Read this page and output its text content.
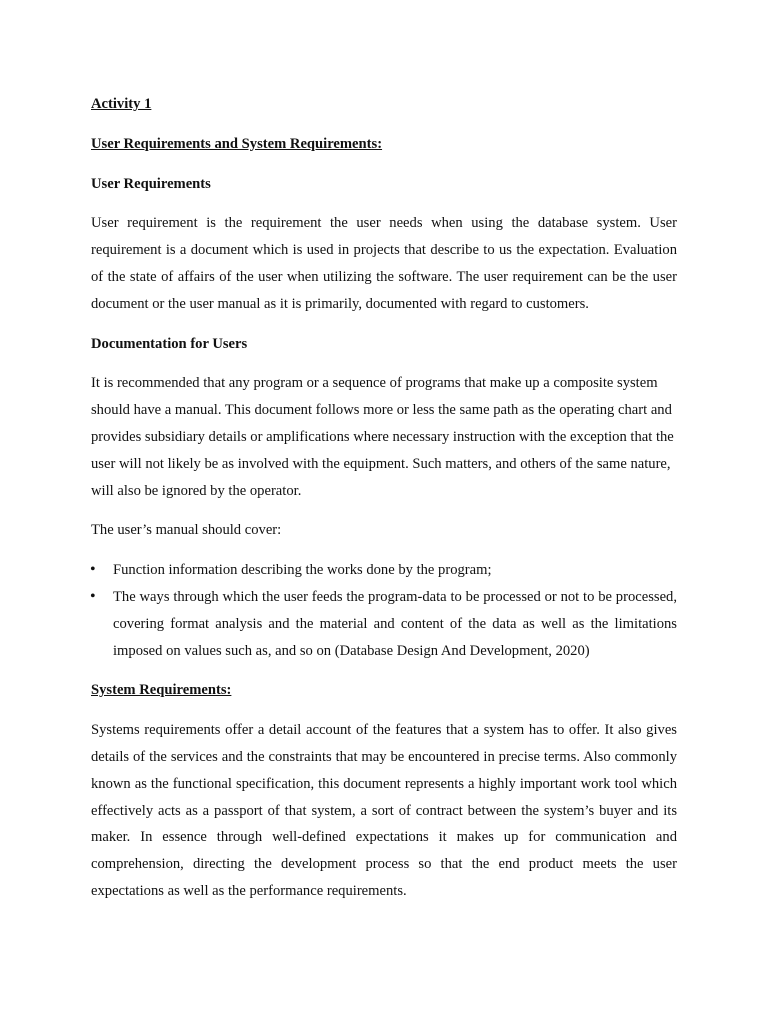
Activity 1
User Requirements and System Requirements:
User Requirements

User requirement is the requirement the user needs when using the database system. User requirement is a document which is used in projects that describe to us the expectation. Evaluation of the state of affairs of the user when utilizing the software. The user requirement can be the user document or the user manual as it is primarily, documented with regard to customers.

Documentation for Users

It is recommended that any program or a sequence of programs that make up a composite system should have a manual. This document follows more or less the same path as the operating chart and provides subsidiary details or amplifications where necessary instruction with the exception that the user will not likely be as involved with the equipment. Such matters, and others of the same nature, will also be ignored by the operator.

The user’s manual should cover:

• Function information describing the works done by the program;
• The ways through which the user feeds the program-data to be processed or not to be processed, covering format analysis and the material and content of the data as well as the limitations imposed on values such as, and so on (Database Design And Development, 2020)
System Requirements:

Systems requirements offer a detail account of the features that a system has to offer. It also gives details of the services and the constraints that may be encountered in precise terms. Also commonly known as the functional specification, this document represents a highly important work tool which effectively acts as a passport of that system, a sort of contract between the system’s buyer and its maker. In essence through well-defined expectations it makes up for communication and comprehension, directing the development process so that the end product meets the user expectations as well as the performance requirements.
